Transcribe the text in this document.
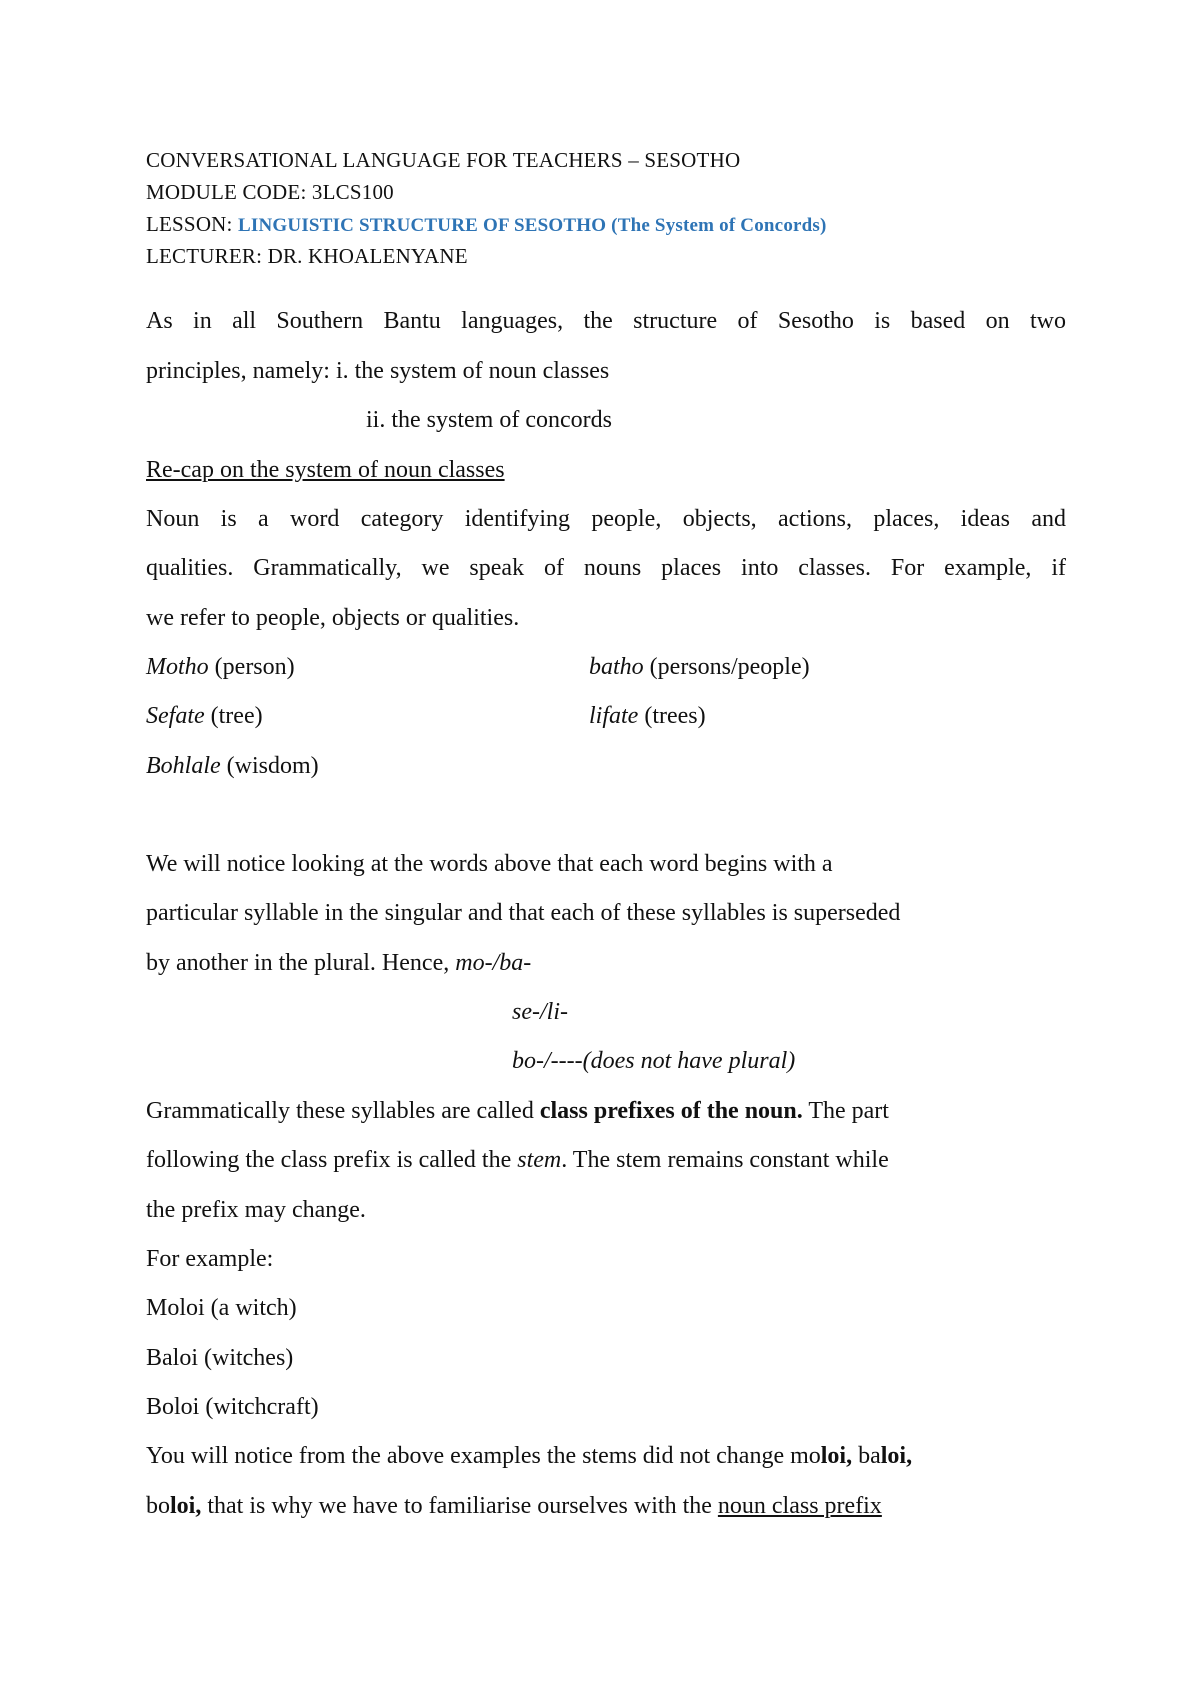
CONVERSATIONAL LANGUAGE FOR TEACHERS – SESOTHO
MODULE CODE: 3LCS100
LESSON: LINGUISTIC STRUCTURE OF SESOTHO (The System of Concords)
LECTURER: DR. KHOALENYANE
As in all Southern Bantu languages, the structure of Sesotho is based on two
principles, namely: i. the system of noun classes
ii. the system of concords
Re-cap on the system of noun classes
Noun is a word category identifying people, objects, actions, places, ideas and
qualities. Grammatically, we speak of nouns places into classes. For example, if
we refer to people, objects or qualities.
Motho (person)	batho (persons/people)
Sefate (tree)	lifate (trees)
Bohlale (wisdom)
We will notice looking at the words above that each word begins with a
particular syllable in the singular and that each of these syllables is superseded
by another in the plural. Hence, mo-/ba-
se-/li-
bo-/----(does not have plural)
Grammatically these syllables are called class prefixes of the noun. The part
following the class prefix is called the stem. The stem remains constant while
the prefix may change.
For example:
Moloi (a witch)
Baloi (witches)
Boloi (witchcraft)
You will notice from the above examples the stems did not change moloi, baloi,
boloi, that is why we have to familiarise ourselves with the noun class prefix
